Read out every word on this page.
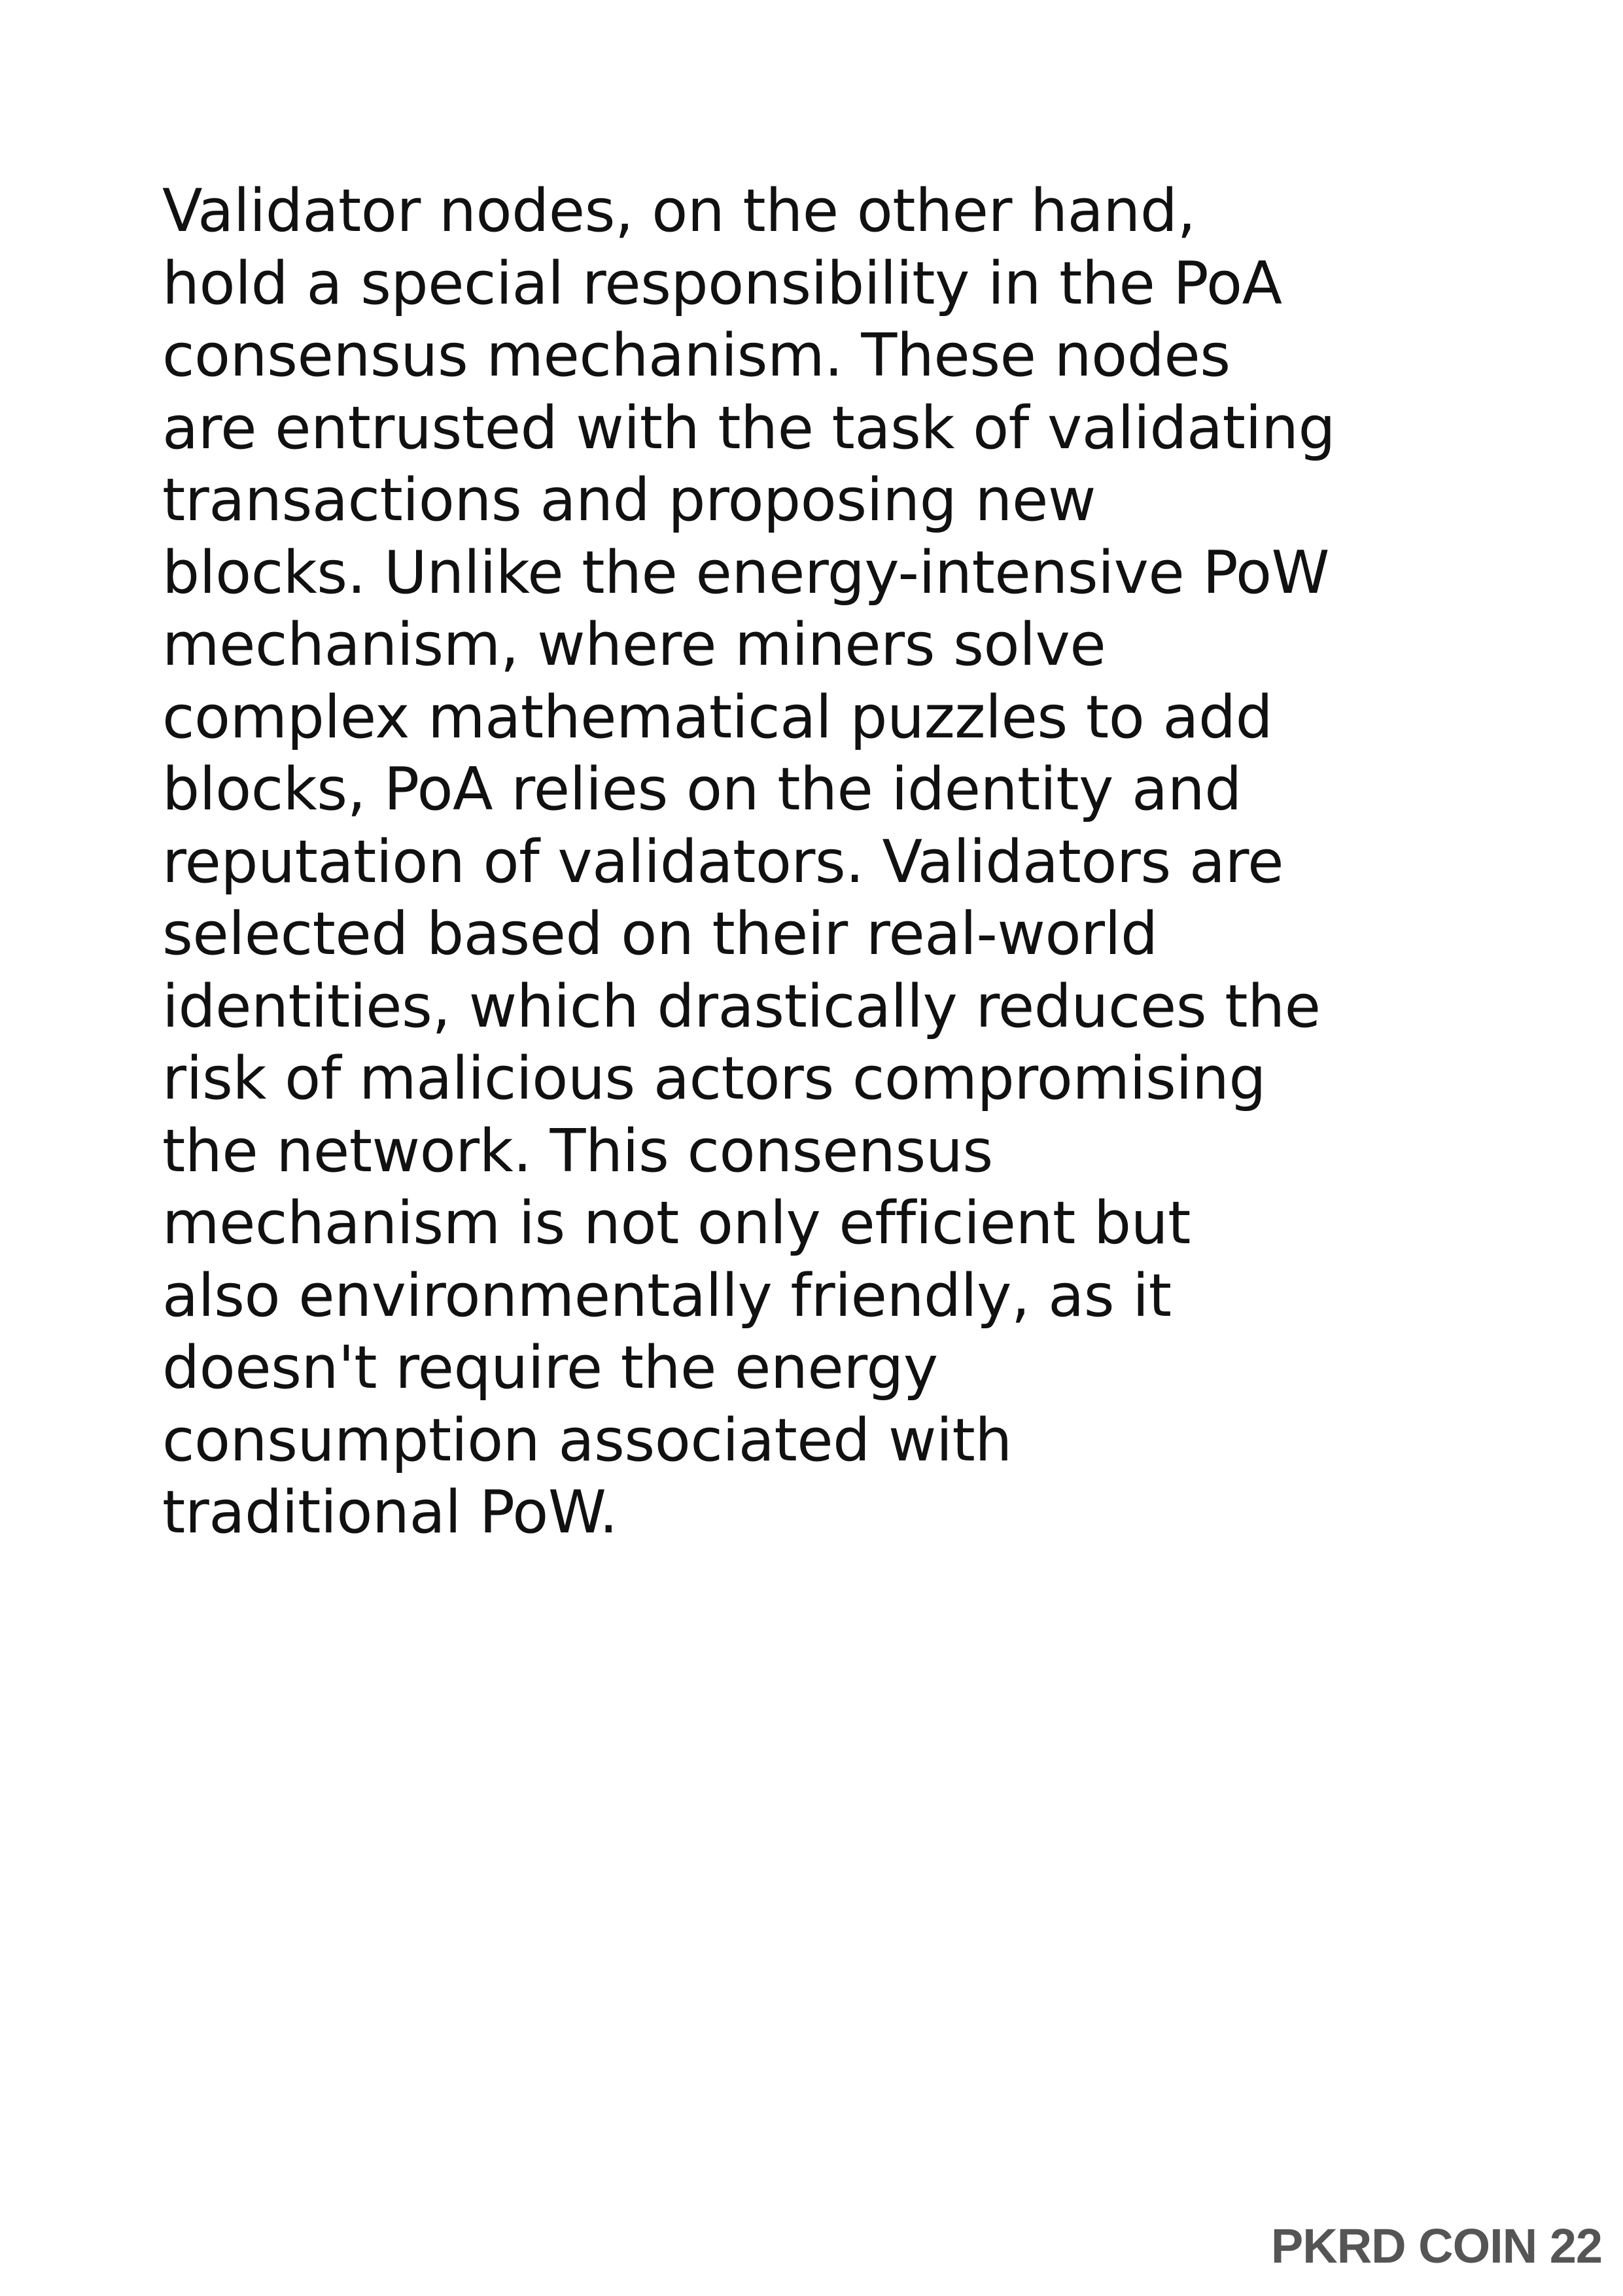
Validator nodes, on the other hand,
hold a special responsibility in the PoA
consensus mechanism. These nodes
are entrusted with the task of validating
transactions and proposing new
blocks. Unlike the energy-intensive PoW
mechanism, where miners solve
complex mathematical puzzles to add
blocks, PoA relies on the identity and
reputation of validators. Validators are
selected based on their real-world
identities, which drastically reduces the
risk of malicious actors compromising
the network. This consensus
mechanism is not only efficient but
also environmentally friendly, as it
doesn't require the energy
consumption associated with
traditional PoW.

PKRD COIN 22
